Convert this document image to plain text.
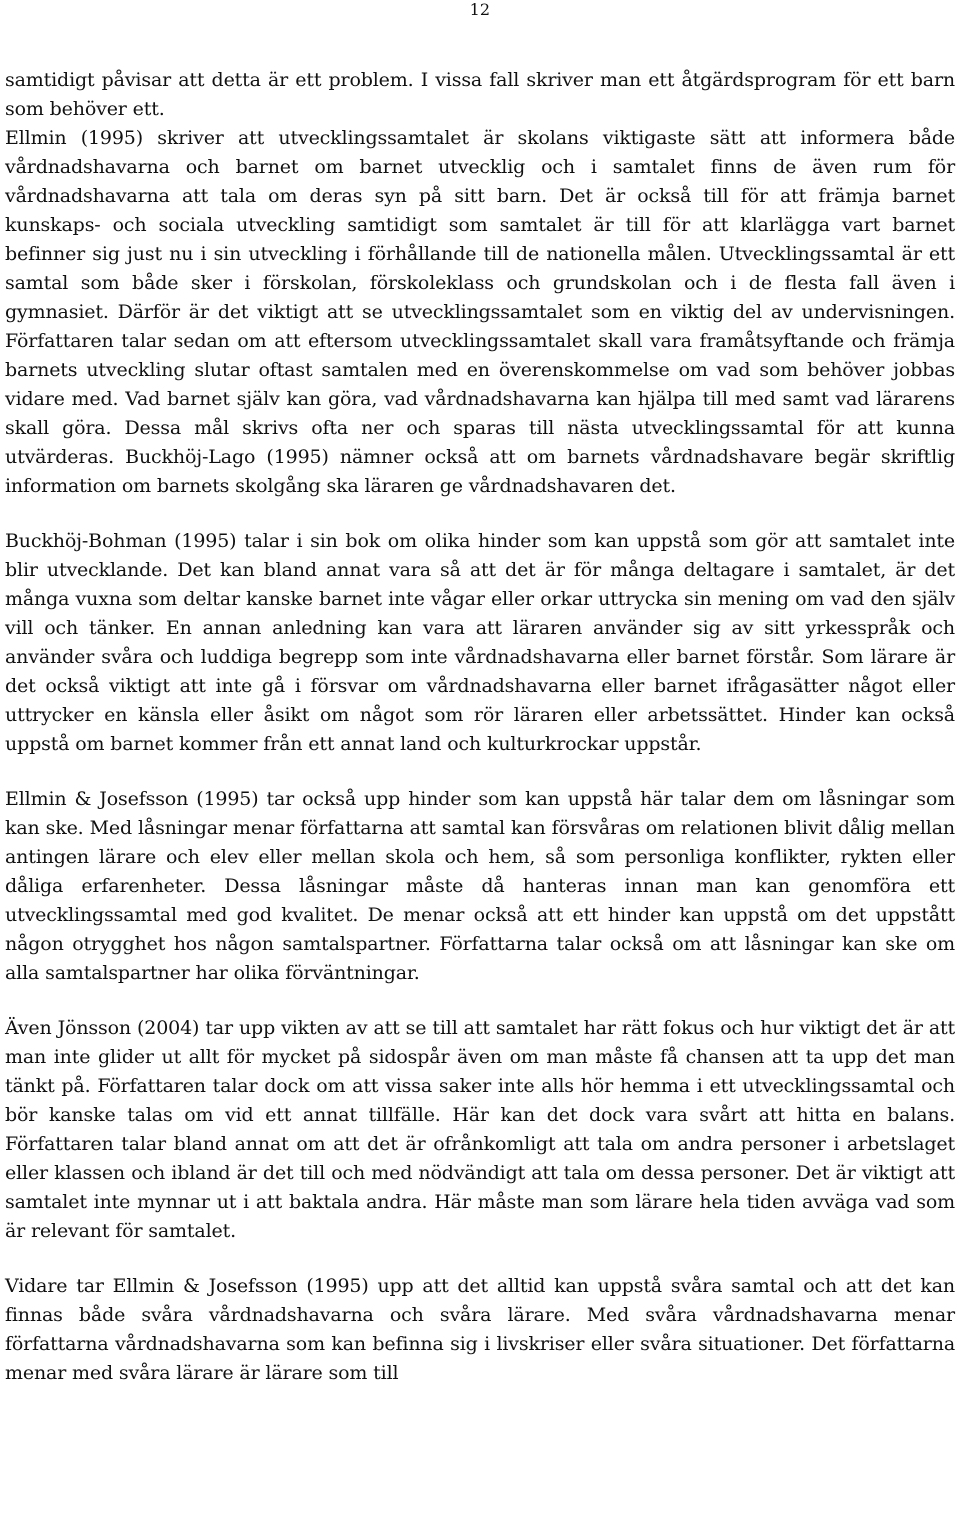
12

samtidigt påvisar att detta är ett problem. I vissa fall skriver man ett åtgärdsprogram för ett barn som behöver ett.

Ellmin (1995) skriver att utvecklingssamtalet är skolans viktigaste sätt att informera både vårdnadshavarna och barnet om barnet utvecklig och i samtalet finns de även rum för vårdnadshavarna att tala om deras syn på sitt barn. Det är också till för att främja barnet kunskaps- och sociala utveckling samtidigt som samtalet är till för att klarlägga vart barnet befinner sig just nu i sin utveckling i förhållande till de nationella målen. Utvecklingssamtal är ett samtal som både sker i förskolan, förskoleklass och grundskolan och i de flesta fall även i gymnasiet. Därför är det viktigt att se utvecklingssamtalet som en viktig del av undervisningen. Författaren talar sedan om att eftersom utvecklingssamtalet skall vara framåtsyftande och främja barnets utveckling slutar oftast samtalen med en överenskommelse om vad som behöver jobbas vidare med. Vad barnet själv kan göra, vad vårdnadshavarna kan hjälpa till med samt vad lärarens skall göra. Dessa mål skrivs ofta ner och sparas till nästa utvecklingssamtal för att kunna utvärderas. Buckhöj-Lago (1995) nämner också att om barnets vårdnadshavare begär skriftlig information om barnets skolgång ska läraren ge vårdnadshavaren det.

Buckhöj-Bohman (1995) talar i sin bok om olika hinder som kan uppstå som gör att samtalet inte blir utvecklande. Det kan bland annat vara så att det är för många deltagare i samtalet, är det många vuxna som deltar kanske barnet inte vågar eller orkar uttrycka sin mening om vad den själv vill och tänker. En annan anledning kan vara att läraren använder sig av sitt yrkesspråk och använder svåra och luddiga begrepp som inte vårdnadshavarna eller barnet förstår. Som lärare är det också viktigt att inte gå i försvar om vårdnadshavarna eller barnet ifrågasätter något eller uttrycker en känsla eller åsikt om något som rör läraren eller arbetssättet. Hinder kan också uppstå om barnet kommer från ett annat land och kulturkrockar uppstår.

Ellmin & Josefsson (1995) tar också upp hinder som kan uppstå här talar dem om låsningar som kan ske. Med låsningar menar författarna att samtal kan försvåras om relationen blivit dålig mellan antingen lärare och elev eller mellan skola och hem, så som personliga konflikter, rykten eller dåliga erfarenheter. Dessa låsningar måste då hanteras innan man kan genomföra ett utvecklingssamtal med god kvalitet. De menar också att ett hinder kan uppstå om det uppstått någon otrygghet hos någon samtalspartner. Författarna talar också om att låsningar kan ske om alla samtalspartner har olika förväntningar.

Även Jönsson (2004) tar upp vikten av att se till att samtalet har rätt fokus och hur viktigt det är att man inte glider ut allt för mycket på sidospår även om man måste få chansen att ta upp det man tänkt på. Författaren talar dock om att vissa saker inte alls hör hemma i ett utvecklingssamtal och bör kanske talas om vid ett annat tillfälle. Här kan det dock vara svårt att hitta en balans. Författaren talar bland annat om att det är ofrånkomligt att tala om andra personer i arbetslaget eller klassen och ibland är det till och med nödvändigt att tala om dessa personer. Det är viktigt att samtalet inte mynnar ut i att baktala andra. Här måste man som lärare hela tiden avväga vad som är relevant för samtalet.

Vidare tar Ellmin & Josefsson (1995) upp att det alltid kan uppstå svåra samtal och att det kan finnas både svåra vårdnadshavarna och svåra lärare. Med svåra vårdnadshavarna menar författarna vårdnadshavarna som kan befinna sig i livskriser eller svåra situationer. Det författarna menar med svåra lärare är lärare som till
